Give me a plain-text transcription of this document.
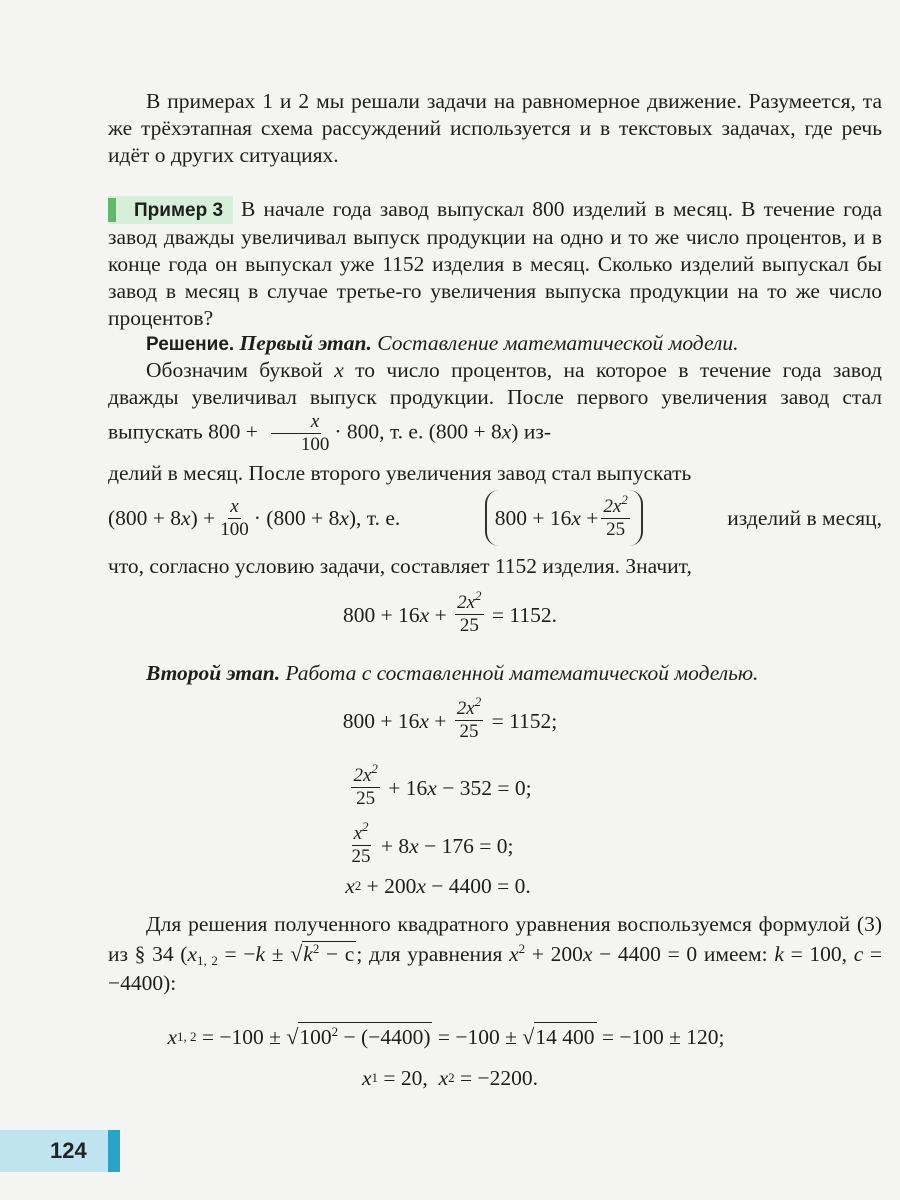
В примерах 1 и 2 мы решали задачи на равномерное движение. Разумеется, та же трёхэтапная схема рассуждений используется и в текстовых задачах, где речь идёт о других ситуациях.
Пример 3 В начале года завод выпускал 800 изделий в месяц. В течение года завод дважды увеличивал выпуск продукции на одно и то же число процентов, и в конце года он выпускал уже 1152 изделия в месяц. Сколько изделий выпускал бы завод в месяц в случае третье-го увеличения выпуска продукции на то же число процентов?
Решение. Первый этап. Составление математической модели.
Обозначим буквой x то число процентов, на которое в течение года завод дважды увеличивал выпуск продукции. После первого увеличения завод стал выпускать $800 + \frac{x}{100} \cdot 800$, т. е. (800 + 8x) из-
делий в месяц. После второго увеличения завод стал выпускать
(800 + 8 x ) + $\frac{x}{100} \cdot (800 + 8$ x ), т. е.	800 + 16 x
+ $\frac{2x^2}{25}$	изделий в месяц,
что, согласно условию задачи, составляет 1152 изделия. Значит,
800 + 16 $x + \frac{2x^2}{25}$
= 1152.
Второй этап. Работа с составленной математической моделью.
800 + 16 $x + \frac{2x^2}{25}$
= 1152;
$\frac{2x^2}{25}$
+ 16 x
− 352 = 0;
$\frac{x^2}{25}$
+ 8 x
− 176 = 0;
x 2
+ 200 x
− 4400 = 0.
Для решения полученного квадратного уравнения воспользуемся формулой (3) из § 34 ($x_{1, 2} = -k \pm √k^2 - c$; для уравнения $x^2 + 200x - 4400 = 0$ имеем: k = 100, c = −4400):
x 1, 2
= −100 ±
√ $100^2 - (-4400)$
= −100 ±
√ 14 400
= −100 ± 120;
x 1
= 20,
x 2
= −2200.
124
